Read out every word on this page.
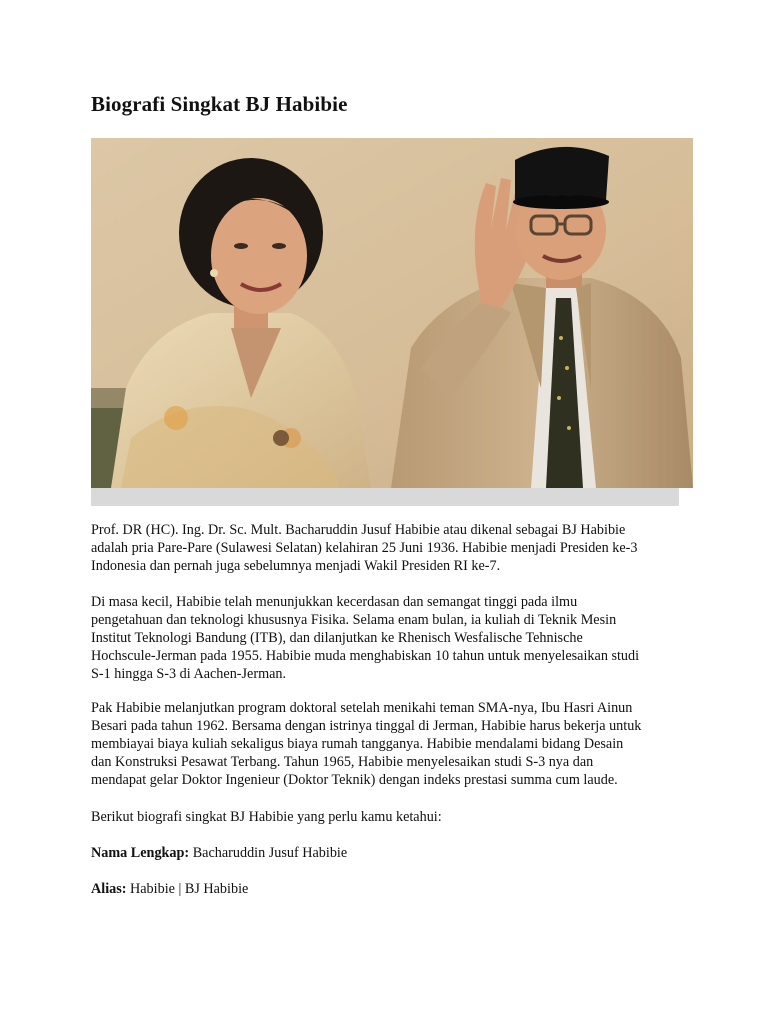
Biografi Singkat BJ Habibie

Prof. DR (HC). Ing. Dr. Sc. Mult. Bacharuddin Jusuf Habibie atau dikenal sebagai BJ Habibie
adalah pria Pare-Pare (Sulawesi Selatan) kelahiran 25 Juni 1936. Habibie menjadi Presiden ke-3
Indonesia dan pernah juga sebelumnya menjadi Wakil Presiden RI ke-7.

Di masa kecil, Habibie telah menunjukkan kecerdasan dan semangat tinggi pada ilmu
pengetahuan dan teknologi khususnya Fisika. Selama enam bulan, ia kuliah di Teknik Mesin
Institut Teknologi Bandung (ITB), dan dilanjutkan ke Rhenisch Wesfalische Tehnische
Hochscule-Jerman pada 1955. Habibie muda menghabiskan 10 tahun untuk menyelesaikan studi
S-1 hingga S-3 di Aachen-Jerman.

Pak Habibie melanjutkan program doktoral setelah menikahi teman SMA-nya, Ibu Hasri Ainun
Besari pada tahun 1962. Bersama dengan istrinya tinggal di Jerman, Habibie harus bekerja untuk
membiayai biaya kuliah sekaligus biaya rumah tangganya. Habibie mendalami bidang Desain
dan Konstruksi Pesawat Terbang. Tahun 1965, Habibie menyelesaikan studi S-3 nya dan
mendapat gelar Doktor Ingenieur (Doktor Teknik) dengan indeks prestasi summa cum laude.

Berikut biografi singkat BJ Habibie yang perlu kamu ketahui:

Nama Lengkap: Bacharuddin Jusuf Habibie

Alias: Habibie | BJ Habibie
